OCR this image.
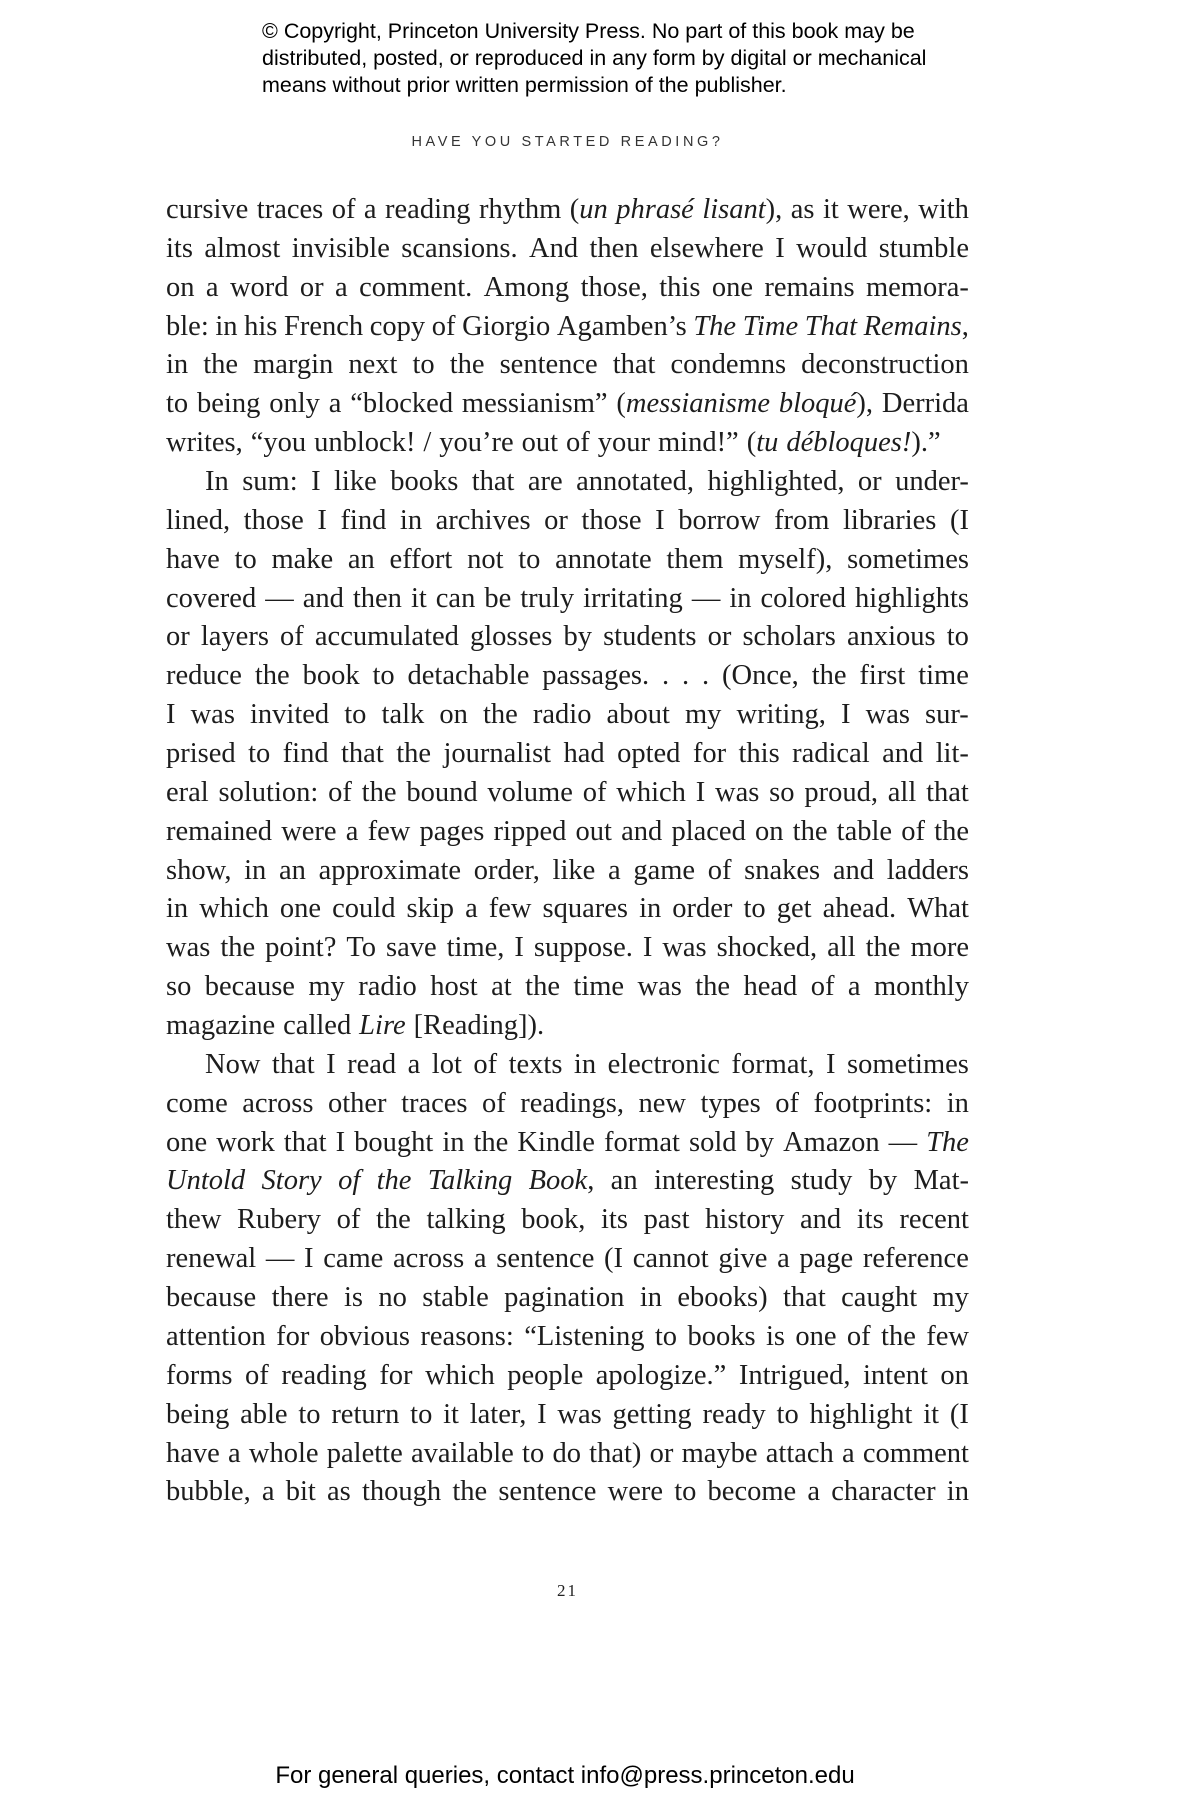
© Copyright, Princeton University Press. No part of this book may be
distributed, posted, or reproduced in any form by digital or mechanical
means without prior written permission of the publisher.
HAVE YOU STARTED READING?
cursive traces of a reading rhythm (un phrasé lisant), as it were, with
its almost invisible scansions. And then elsewhere I would stumble
on a word or a comment. Among those, this one remains memora-
ble: in his French copy of Giorgio Agamben’s The Time That Remains,
in the margin next to the sentence that condemns deconstruction
to being only a “blocked messianism” (messianisme bloqué), Derrida
writes, “you unblock! / you’re out of your mind!” (tu débloques!).”
In sum: I like books that are annotated, highlighted, or under-
lined, those I find in archives or those I borrow from libraries (I
have to make an effort not to annotate them myself), sometimes
covered — and then it can be truly irritating — in colored highlights
or layers of accumulated glosses by students or scholars anxious to
reduce the book to detachable passages. . . . (Once, the first time
I was invited to talk on the radio about my writing, I was sur-
prised to find that the journalist had opted for this radical and lit-
eral solution: of the bound volume of which I was so proud, all that
remained were a few pages ripped out and placed on the table of the
show, in an approximate order, like a game of snakes and ladders
in which one could skip a few squares in order to get ahead. What
was the point? To save time, I suppose. I was shocked, all the more
so because my radio host at the time was the head of a monthly
magazine called Lire [Reading]).
Now that I read a lot of texts in electronic format, I sometimes
come across other traces of readings, new types of footprints: in
one work that I bought in the Kindle format sold by Amazon — The
Untold Story of the Talking Book, an interesting study by Mat-
thew Rubery of the talking book, its past history and its recent
renewal — I came across a sentence (I cannot give a page reference
because there is no stable pagination in ebooks) that caught my
attention for obvious reasons: “Listening to books is one of the few
forms of reading for which people apologize.” Intrigued, intent on
being able to return to it later, I was getting ready to highlight it (I
have a whole palette available to do that) or maybe attach a comment
bubble, a bit as though the sentence were to become a character in
21
For general queries, contact info@press.princeton.edu
